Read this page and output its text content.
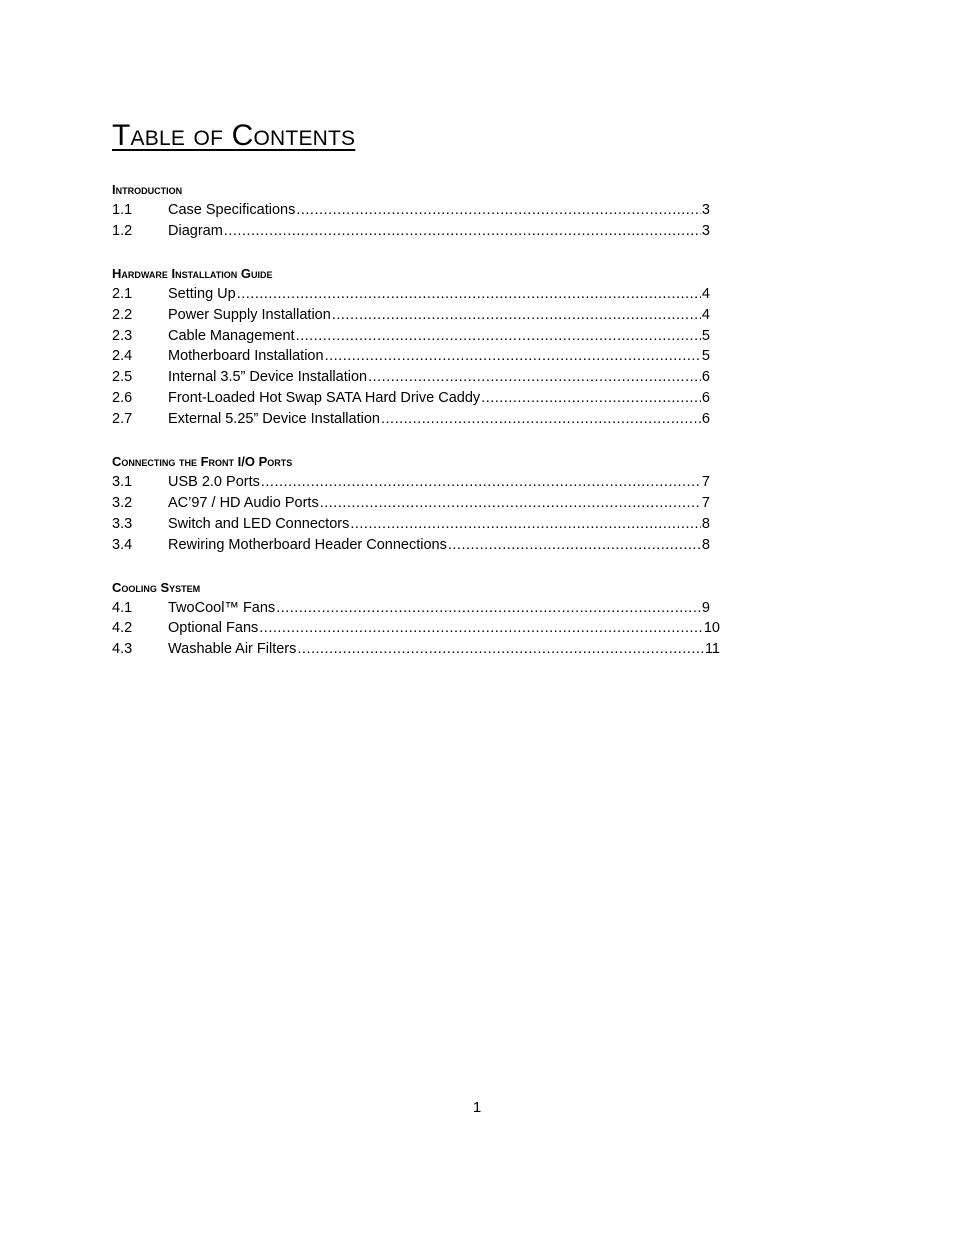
Table of Contents
Introduction
1.1	Case Specifications .....	3
1.2	Diagram .....	3
Hardware Installation Guide
2.1	Setting Up .....	4
2.2	Power Supply Installation .....	4
2.3	Cable Management .....	5
2.4	Motherboard Installation .....	5
2.5	Internal 3.5” Device Installation .....	6
2.6	Front-Loaded Hot Swap SATA Hard Drive Caddy .....	6
2.7	External 5.25” Device Installation .....	6
Connecting the Front I/O Ports
3.1	USB 2.0 Ports .....	7
3.2	AC’97 / HD Audio Ports .....	7
3.3	Switch and LED Connectors .....	8
3.4	Rewiring Motherboard Header Connections .....	8
Cooling System
4.1	TwoCool™ Fans .....	9
4.2	Optional Fans .....	10
4.3	Washable Air Filters .....	11
1
